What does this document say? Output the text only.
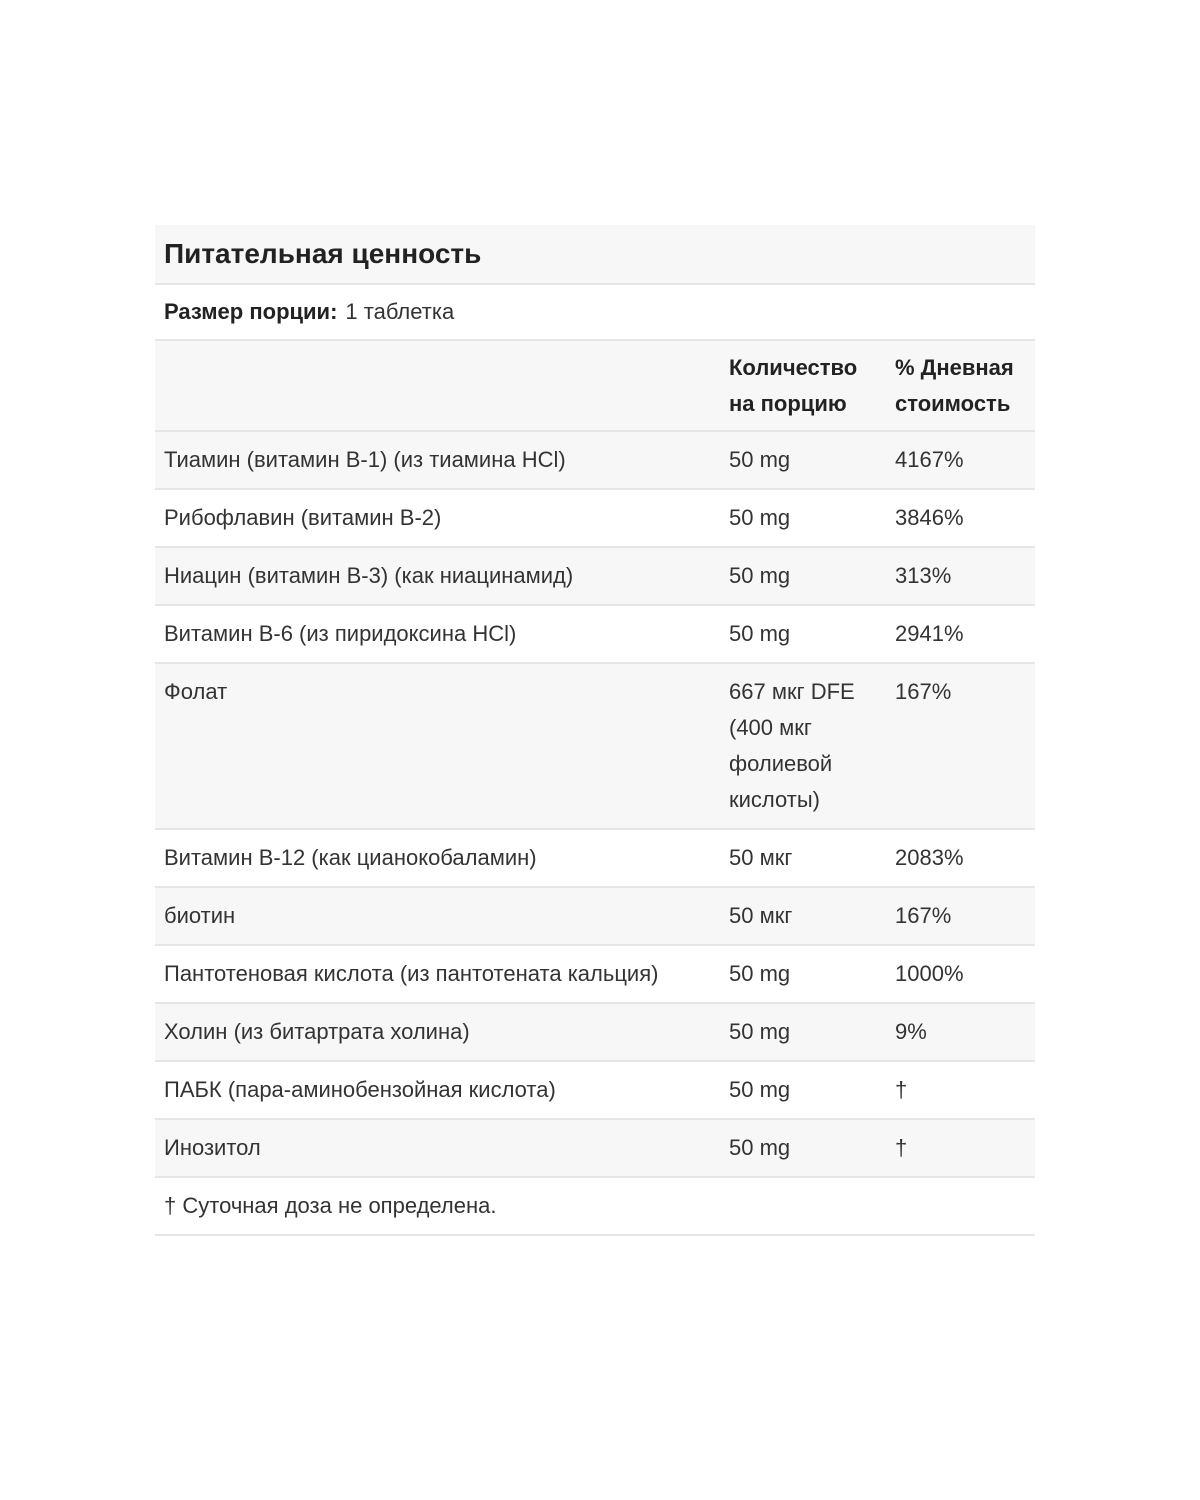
Питательная ценность
Размер порции: 1 таблетка
	Количество на порцию	% Дневная стоимость
Тиамин (витамин B-1) (из тиамина HCl)	50 mg	4167%
Рибофлавин (витамин B-2)	50 mg	3846%
Ниацин (витамин B-3) (как ниацинамид)	50 mg	313%
Витамин B-6 (из пиридоксина HCl)	50 mg	2941%
Фолат	667 мкг DFE (400 мкг фолиевой кислоты)	167%
Витамин B-12 (как цианокобаламин)	50 мкг	2083%
биотин	50 мкг	167%
Пантотеновая кислота (из пантотената кальция)	50 mg	1000%
Холин (из битартрата холина)	50 mg	9%
ПАБК (пара-аминобензойная кислота)	50 mg	†
Инозитол	50 mg	†
† Суточная доза не определена.		
